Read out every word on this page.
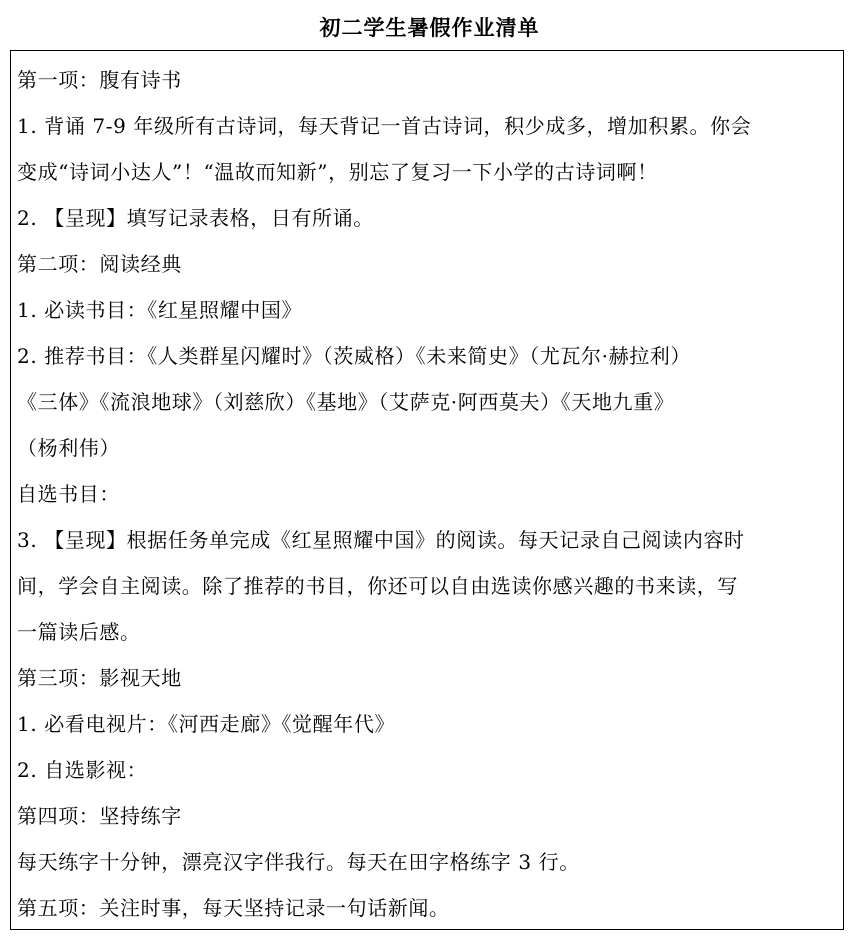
初二学生暑假作业清单
第一项：腹有诗书
1. 背诵 7-9 年级所有古诗词，每天背记一首古诗词，积少成多，增加积累。你会
变成“诗词小达人”！“温故而知新”，别忘了复习一下小学的古诗词啊！
2. 【呈现】填写记录表格，日有所诵。
第二项：阅读经典
1. 必读书目：《红星照耀中国》
2. 推荐书目：《人类群星闪耀时》（茨威格）《未来简史》（尤瓦尔·赫拉利）
《三体》《流浪地球》（刘慈欣）《基地》（艾萨克·阿西莫夫）《天地九重》
（杨利伟）
自选书目：
3. 【呈现】根据任务单完成《红星照耀中国》的阅读。每天记录自己阅读内容时
间，学会自主阅读。除了推荐的书目，你还可以自由选读你感兴趣的书来读，写
一篇读后感。
第三项：影视天地
1. 必看电视片：《河西走廊》《觉醒年代》
2. 自选影视：
第四项：坚持练字
每天练字十分钟，漂亮汉字伴我行。每天在田字格练字 3 行。
第五项：关注时事，每天坚持记录一句话新闻。
